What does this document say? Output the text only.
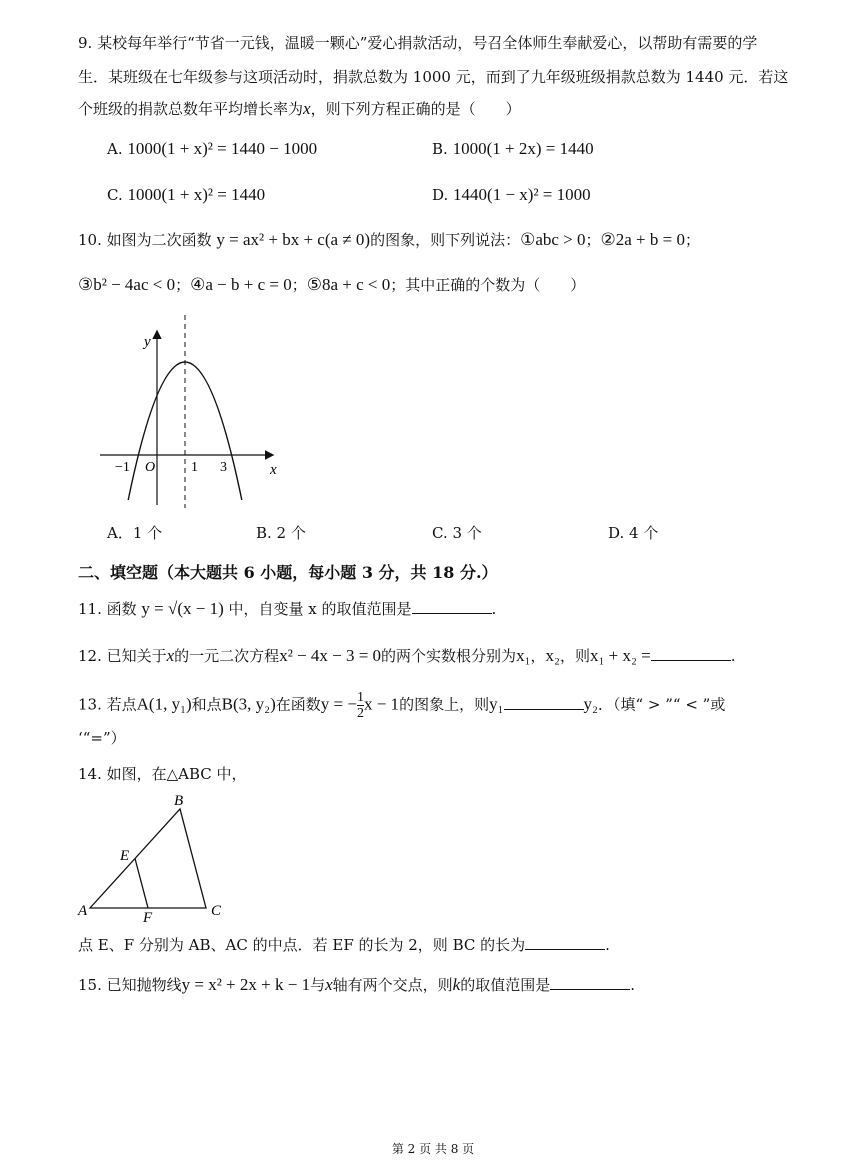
9. 某校每年举行“节省一元钱，温暖一颗心”爱心捐款活动，号召全体师生奉献爱心，以帮助有需要的学
生．某班级在七年级参与这项活动时，捐款总数为 1000 元，而到了九年级班级捐款总数为 1440 元．若这
个班级的捐款总数年平均增长率为x，则下列方程正确的是（　　）
A. 1000(1 + x)² = 1440 − 1000	B. 1000(1 + 2x) = 1440
C. 1000(1 + x)² = 1440	D. 1440(1 − x)² = 1000
10. 如图为二次函数 y = ax² + bx + c(a ≠ 0)的图象，则下列说法：①abc > 0；②2a + b = 0；
③b² − 4ac < 0；④a − b + c = 0；⑤8a + c < 0；其中正确的个数为（　　）
y
x
O
−1	1 3
A．1 个	B. 2 个	C. 3 个	D. 4 个
二、填空题（本大题共 6 小题，每小题 3 分，共 18 分.）
11. 函数 y = √(x − 1) 中，自变量 x 的取值范围是	.
12. 已知关于x的一元二次方程x² − 4x − 3 = 0的两个实数根分别为x₁，x₂，则x₁ + x₂ =	.
13. 若点A(1, y₁)和点B(3, y₂)在函数y = − $\frac{1}{2}$ x − 1的图象上，则y₁	y₂．（填“ > ”“ < ”或
‘“=”）
14. 如图，在△ABC 中，
B
A	C
E
F
点 E、F 分别为 AB、AC 的中点．若 EF 的长为 2，则 BC 的长为	.
15. 已知抛物线y = x² + 2x + k − 1与x轴有两个交点，则k的取值范围是	.
第 2 页 共 8 页
